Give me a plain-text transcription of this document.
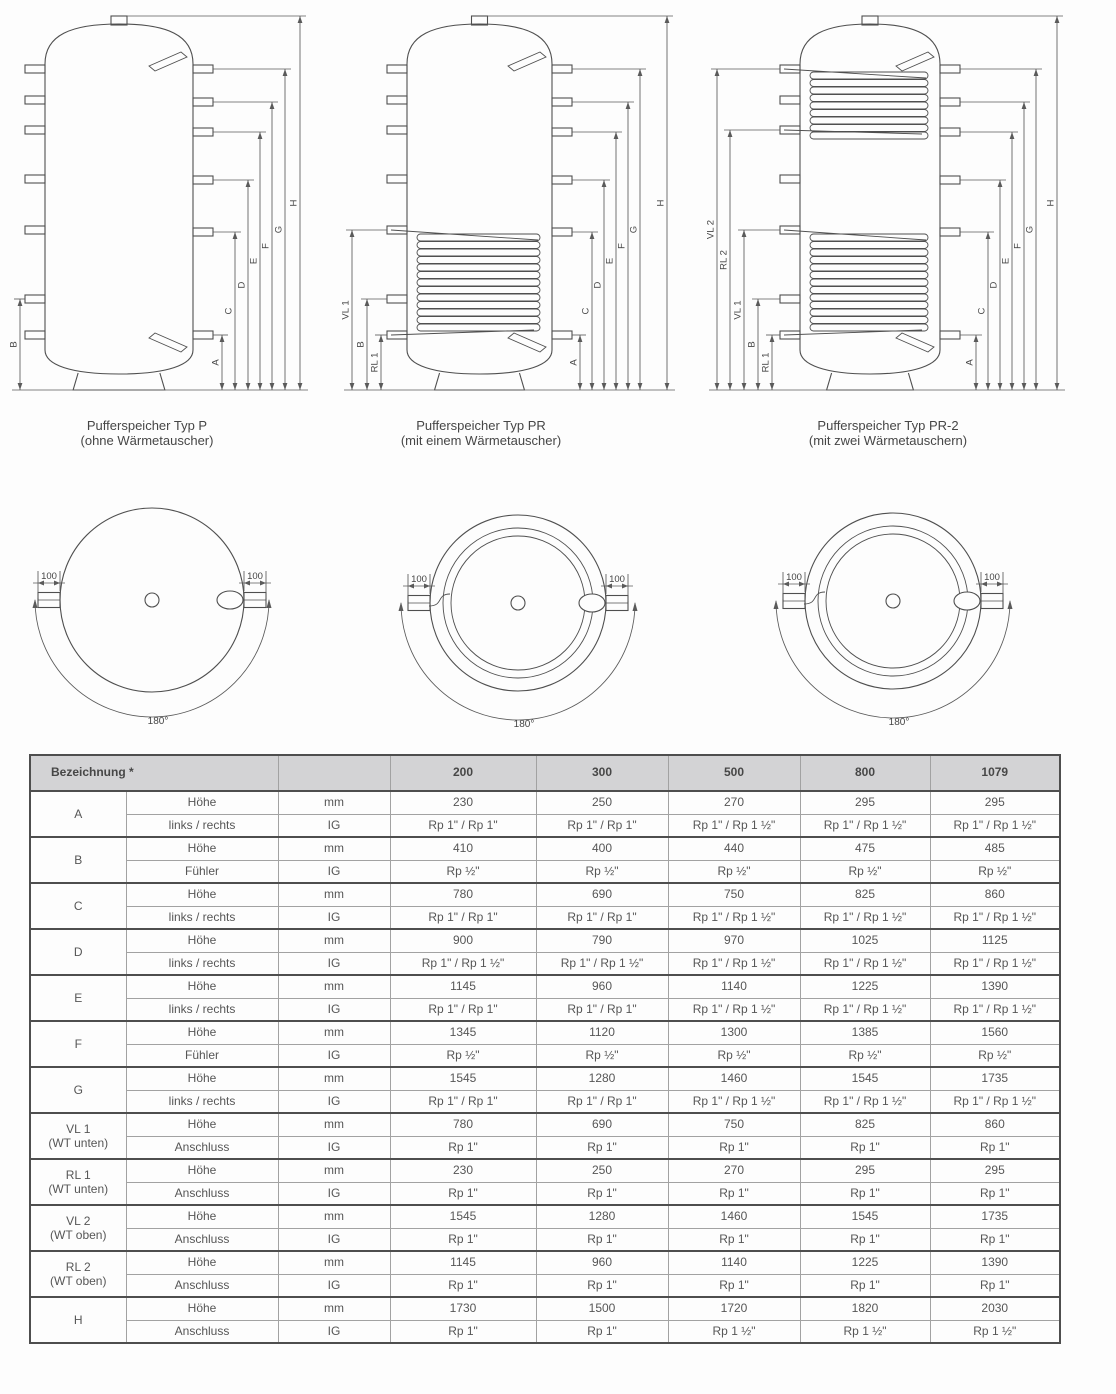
A
C
D
E
F
G
H
B
A
C
D
E
F
G
H
VL 1
B
RL 1	A
C
D
E
F
G
H
VL 2
RL 2
VL 1
B
RL 1
Pufferspeicher Typ P
(ohne Wärmetauscher)
Pufferspeicher Typ PR
(mit einem Wärmetauscher)
Pufferspeicher Typ PR-2
(mit zwei Wärmetauschern)
100	100
180°
100	100
180°
100	100
180°
Bezeichnung *			200	300	500	800	1079

A	Höhe	mm	230	250	270	295	295
	links / rechts	IG	Rp 1" / Rp 1"	Rp 1" / Rp 1"	Rp 1" / Rp 1 ½"	Rp 1" / Rp 1 ½"	Rp 1" / Rp 1 ½"

B	Höhe	mm	410	400	440	475	485
	Fühler	IG	Rp ½"	Rp ½"	Rp ½"	Rp ½"	Rp ½"

C	Höhe	mm	780	690	750	825	860
	links / rechts	IG	Rp 1" / Rp 1"	Rp 1" / Rp 1"	Rp 1" / Rp 1 ½"	Rp 1" / Rp 1 ½"	Rp 1" / Rp 1 ½"

D	Höhe	mm	900	790	970	1025	1125
	links / rechts	IG	Rp 1" / Rp 1 ½"	Rp 1" / Rp 1 ½"	Rp 1" / Rp 1 ½"	Rp 1" / Rp 1 ½"	Rp 1" / Rp 1 ½"

E	Höhe	mm	1145	960	1140	1225	1390
	links / rechts	IG	Rp 1" / Rp 1"	Rp 1" / Rp 1"	Rp 1" / Rp 1 ½"	Rp 1" / Rp 1 ½"	Rp 1" / Rp 1 ½"

F	Höhe	mm	1345	1120	1300	1385	1560
	Fühler	IG	Rp ½"	Rp ½"	Rp ½"	Rp ½"	Rp ½"

G	Höhe	mm	1545	1280	1460	1545	1735
	links / rechts	IG	Rp 1" / Rp 1"	Rp 1" / Rp 1"	Rp 1" / Rp 1 ½"	Rp 1" / Rp 1 ½"	Rp 1" / Rp 1 ½"

VL 1
(WT unten)	Höhe	mm	780	690	750	825	860
	Anschluss	IG	Rp 1"	Rp 1"	Rp 1"	Rp 1"	Rp 1"

RL 1
(WT unten)	Höhe	mm	230	250	270	295	295
	Anschluss	IG	Rp 1"	Rp 1"	Rp 1"	Rp 1"	Rp 1"

VL 2
(WT oben)	Höhe	mm	1545	1280	1460	1545	1735
	Anschluss	IG	Rp 1"	Rp 1"	Rp 1"	Rp 1"	Rp 1"

RL 2
(WT oben)	Höhe	mm	1145	960	1140	1225	1390
	Anschluss	IG	Rp 1"	Rp 1"	Rp 1"	Rp 1"	Rp 1"

H	Höhe	mm	1730	1500	1720	1820	2030
	Anschluss	IG	Rp 1"	Rp 1"	Rp 1 ½"	Rp 1 ½"	Rp 1 ½"
